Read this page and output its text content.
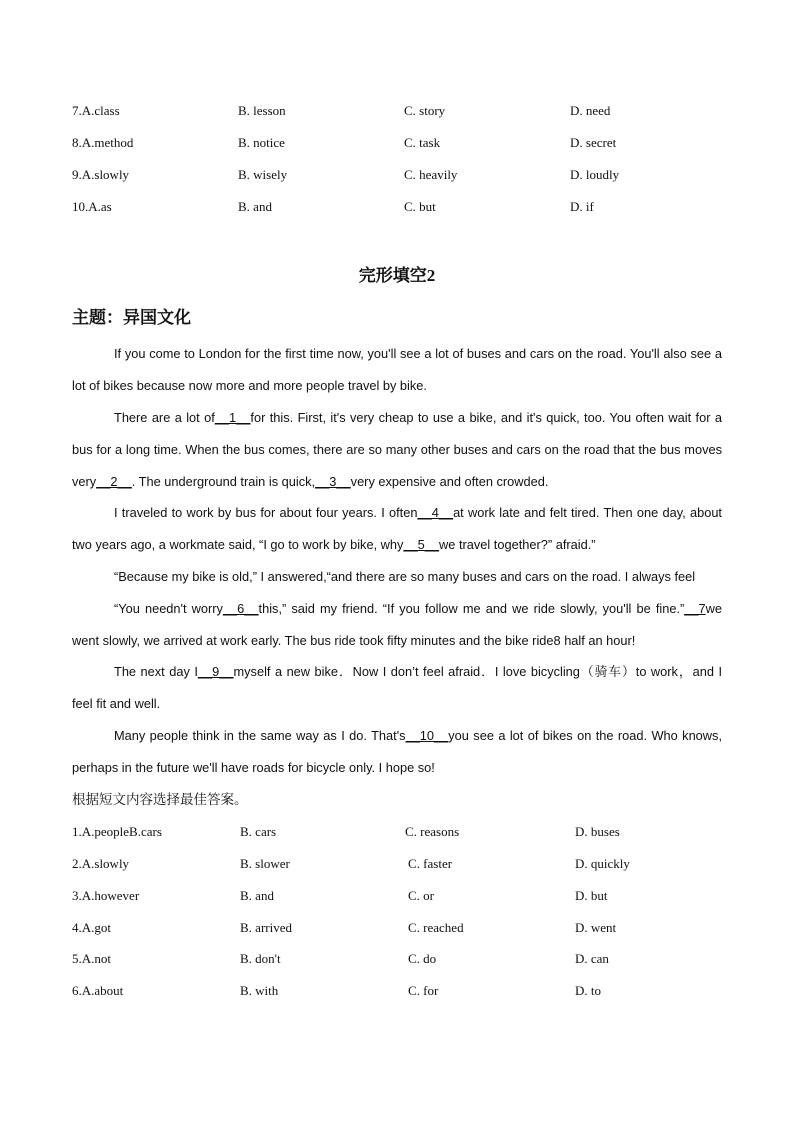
7.A.class	B. lesson	C. story	D. need
8.A.method	B. notice	C. task	D. secret
9.A.slowly	B. wisely	C. heavily	D. loudly
10.A.as	B. and	C. but	D. if
完形填空2
主题：异国文化

If you come to London for the first time now, you'll see a lot of buses and cars on the road. You'll also see a lot of bikes because now more and more people travel by bike.

There are a lot of__1__for this. First, it's very cheap to use a bike, and it's quick, too. You often wait for a bus for a long time. When the bus comes, there are so many other buses and cars on the road that the bus moves very__2__. The underground train is quick,__3__very expensive and often crowded.

I traveled to work by bus for about four years. I often__4__at work late and felt tired. Then one day, about two years ago, a workmate said, “I go to work by bike, why__5__we travel together?” afraid.”

“Because my bike is old,” I answered,“and there are so many buses and cars on the road. I always feel

“You needn't worry__6__this,” said my friend. “If you follow me and we ride slowly, you'll be fine.”__7we went slowly, we arrived at work early. The bus ride took fifty minutes and the bike ride8 half an hour!

The next day I__9__myself a new bike．Now I don’t feel afraid．I love bicycling（骑车）to work，and I feel fit and well.

Many people think in the same way as I do. That's__10__you see a lot of bikes on the road. Who knows, perhaps in the future we'll have roads for bicycle only. I hope so!

根据短文内容选择最佳答案。
1.A.peopleB.cars	B. cars	C. reasons	D. buses
2.A.slowly	B. slower	C. faster	D. quickly
3.A.however	B. and	C. or	D. but
4.A.got	B. arrived	C. reached	D. went
5.A.not	B. don't	C. do	D. can
6.A.about	B. with	C. for	D. to
